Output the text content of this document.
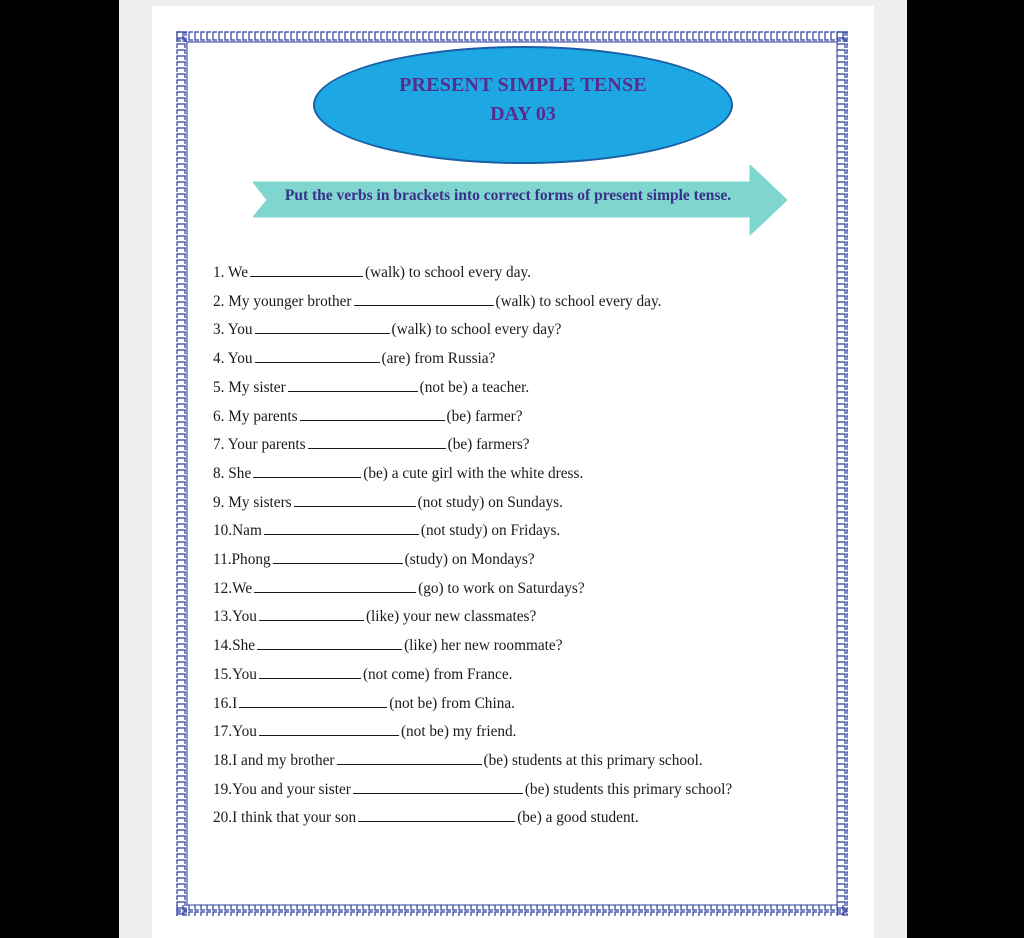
PRESENT SIMPLE TENSE
DAY 03
Put the verbs in brackets into correct forms of present simple tense.
1. We	(walk) to school every day.
2. My younger brother	(walk) to school every day.
3. You	(walk) to school every day?
4. You	(are) from Russia?
5. My sister	(not be) a teacher.
6. My parents	(be) farmer?
7. Your parents	(be) farmers?
8. She	(be) a cute girl with the white dress.
9. My sisters	(not study) on Sundays.
10.Nam	(not study) on Fridays.
11.Phong	(study) on Mondays?
12.We	(go) to work on Saturdays?
13.You	(like) your new classmates?
14.She	(like) her new roommate?
15.You	(not come) from France.
16.I	(not be) from China.
17.You	(not be) my friend.
18.I and my brother	(be) students at this primary school.
19.You and your sister	(be) students this primary school?
20.I think that your son	(be) a good student.
